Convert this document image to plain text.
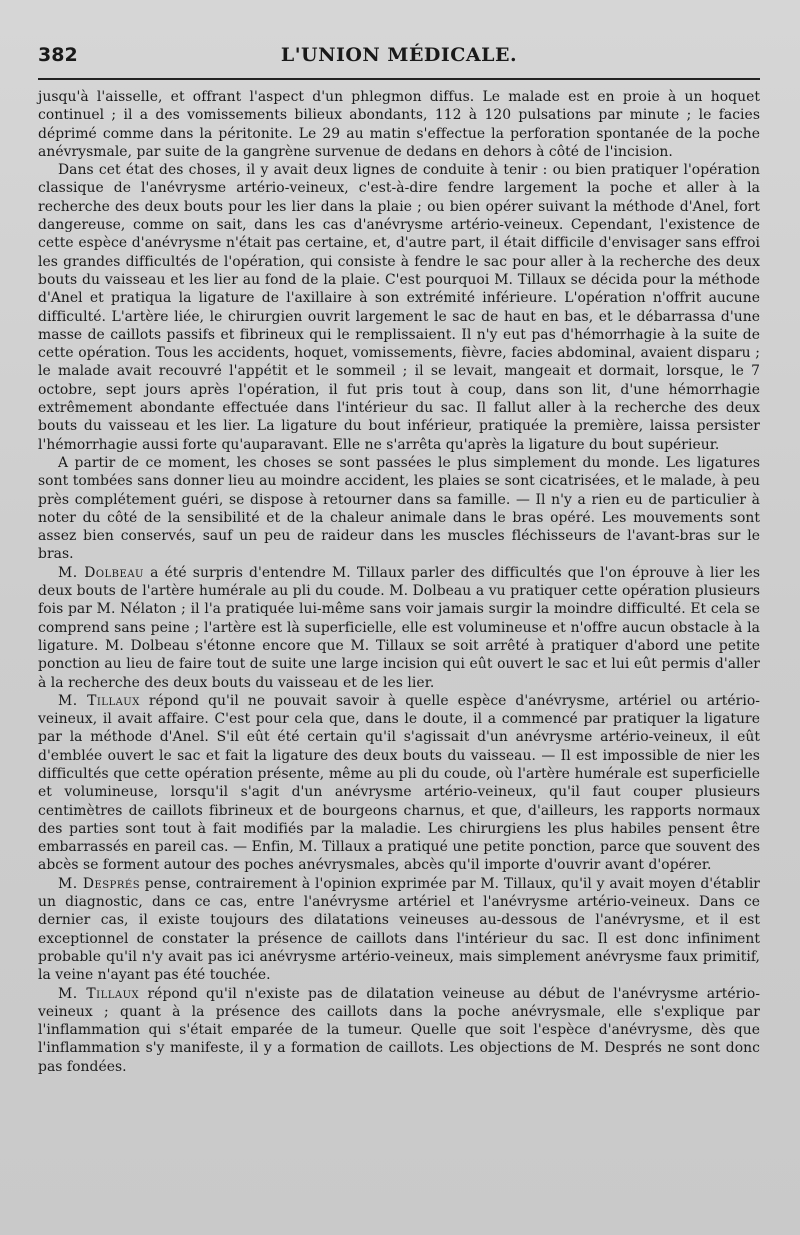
382	L'UNION MÉDICALE.

jusqu'à l'aisselle, et offrant l'aspect d'un phlegmon diffus. Le malade est en proie à un hoquet continuel ; il a des vomissements bilieux abondants, 112 à 120 pulsations par minute ; le facies déprimé comme dans la péritonite. Le 29 au matin s'effectue la perforation spontanée de la poche anévrysmale, par suite de la gangrène survenue de dedans en dehors à côté de l'incision.

Dans cet état des choses, il y avait deux lignes de conduite à tenir : ou bien pratiquer l'opération classique de l'anévrysme artério-veineux, c'est-à-dire fendre largement la poche et aller à la recherche des deux bouts pour les lier dans la plaie ; ou bien opérer suivant la méthode d'Anel, fort dangereuse, comme on sait, dans les cas d'anévrysme artério-veineux. Cependant, l'existence de cette espèce d'anévrysme n'était pas certaine, et, d'autre part, il était difficile d'envisager sans effroi les grandes difficultés de l'opération, qui consiste à fendre le sac pour aller à la recherche des deux bouts du vaisseau et les lier au fond de la plaie. C'est pourquoi M. Tillaux se décida pour la méthode d'Anel et pratiqua la ligature de l'axillaire à son extrémité inférieure. L'opération n'offrit aucune difficulté. L'artère liée, le chirurgien ouvrit largement le sac de haut en bas, et le débarrassa d'une masse de caillots passifs et fibrineux qui le remplissaient. Il n'y eut pas d'hémorrhagie à la suite de cette opération. Tous les accidents, hoquet, vomissements, fièvre, facies abdominal, avaient disparu ; le malade avait recouvré l'appétit et le sommeil ; il se levait, mangeait et dormait, lorsque, le 7 octobre, sept jours après l'opération, il fut pris tout à coup, dans son lit, d'une hémorrhagie extrêmement abondante effectuée dans l'intérieur du sac. Il fallut aller à la recherche des deux bouts du vaisseau et les lier. La ligature du bout inférieur, pratiquée la première, laissa persister l'hémorrhagie aussi forte qu'auparavant. Elle ne s'arrêta qu'après la ligature du bout supérieur.

A partir de ce moment, les choses se sont passées le plus simplement du monde. Les ligatures sont tombées sans donner lieu au moindre accident, les plaies se sont cicatrisées, et le malade, à peu près complétement guéri, se dispose à retourner dans sa famille. — Il n'y a rien eu de particulier à noter du côté de la sensibilité et de la chaleur animale dans le bras opéré. Les mouvements sont assez bien conservés, sauf un peu de raideur dans les muscles fléchisseurs de l'avant-bras sur le bras.

M. Dolbeau a été surpris d'entendre M. Tillaux parler des difficultés que l'on éprouve à lier les deux bouts de l'artère humérale au pli du coude. M. Dolbeau a vu pratiquer cette opération plusieurs fois par M. Nélaton ; il l'a pratiquée lui-même sans voir jamais surgir la moindre difficulté. Et cela se comprend sans peine ; l'artère est là superficielle, elle est volumineuse et n'offre aucun obstacle à la ligature. M. Dolbeau s'étonne encore que M. Tillaux se soit arrêté à pratiquer d'abord une petite ponction au lieu de faire tout de suite une large incision qui eût ouvert le sac et lui eût permis d'aller à la recherche des deux bouts du vaisseau et de les lier.

M. Tillaux répond qu'il ne pouvait savoir à quelle espèce d'anévrysme, artériel ou artério-veineux, il avait affaire. C'est pour cela que, dans le doute, il a commencé par pratiquer la ligature par la méthode d'Anel. S'il eût été certain qu'il s'agissait d'un anévrysme artério-veineux, il eût d'emblée ouvert le sac et fait la ligature des deux bouts du vaisseau. — Il est impossible de nier les difficultés que cette opération présente, même au pli du coude, où l'artère humérale est superficielle et volumineuse, lorsqu'il s'agit d'un anévrysme artério-veineux, qu'il faut couper plusieurs centimètres de caillots fibrineux et de bourgeons charnus, et que, d'ailleurs, les rapports normaux des parties sont tout à fait modifiés par la maladie. Les chirurgiens les plus habiles pensent être embarrassés en pareil cas. — Enfin, M. Tillaux a pratiqué une petite ponction, parce que souvent des abcès se forment autour des poches anévrysmales, abcès qu'il importe d'ouvrir avant d'opérer.

M. Després pense, contrairement à l'opinion exprimée par M. Tillaux, qu'il y avait moyen d'établir un diagnostic, dans ce cas, entre l'anévrysme artériel et l'anévrysme artério-veineux. Dans ce dernier cas, il existe toujours des dilatations veineuses au-dessous de l'anévrysme, et il est exceptionnel de constater la présence de caillots dans l'intérieur du sac. Il est donc infiniment probable qu'il n'y avait pas ici anévrysme artério-veineux, mais simplement anévrysme faux primitif, la veine n'ayant pas été touchée.

M. Tillaux répond qu'il n'existe pas de dilatation veineuse au début de l'anévrysme artério-veineux ; quant à la présence des caillots dans la poche anévrysmale, elle s'explique par l'inflammation qui s'était emparée de la tumeur. Quelle que soit l'espèce d'anévrysme, dès que l'inflammation s'y manifeste, il y a formation de caillots. Les objections de M. Després ne sont donc pas fondées.
